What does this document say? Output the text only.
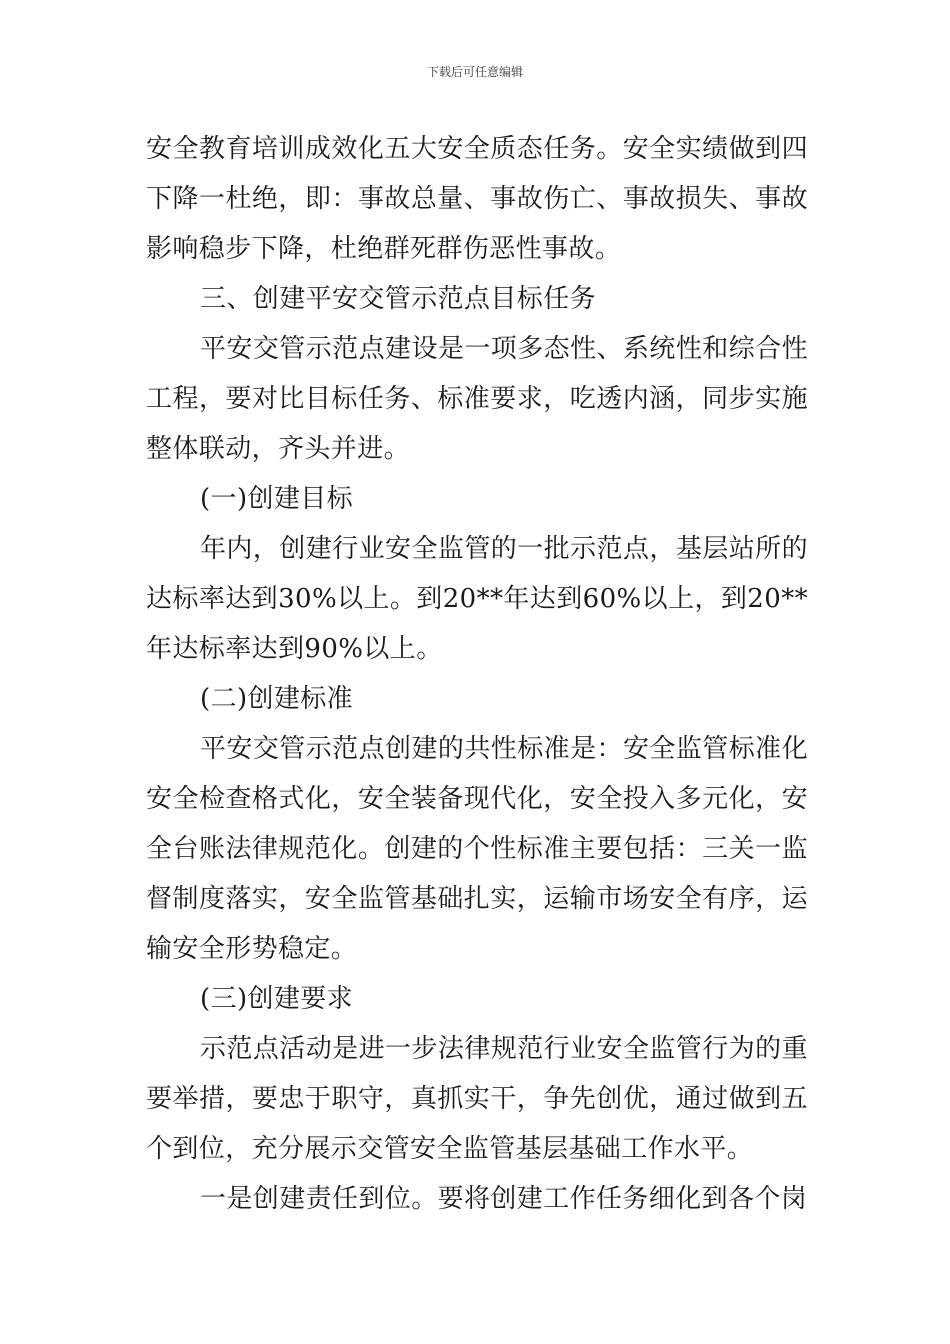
下载后可任意编辑

安全教育培训成效化五大安全质态任务。安全实绩做到四下降一杜绝，即：事故总量、事故伤亡、事故损失、事故影响稳步下降，杜绝群死群伤恶性事故。

三、创建平安交管示范点目标任务

平安交管示范点建设是一项多态性、系统性和综合性工程，要对比目标任务、标准要求，吃透内涵，同步实施整体联动，齐头并进。

(一)创建目标

年内，创建行业安全监管的一批示范点，基层站所的达标率达到30%以上。到20**年达到60%以上，到20**年达标率达到90%以上。

(二)创建标准

平安交管示范点创建的共性标准是：安全监管标准化安全检查格式化，安全装备现代化，安全投入多元化，安全台账法律规范化。创建的个性标准主要包括：三关一监督制度落实，安全监管基础扎实，运输市场安全有序，运输安全形势稳定。

(三)创建要求

示范点活动是进一步法律规范行业安全监管行为的重要举措，要忠于职守，真抓实干，争先创优，通过做到五个到位，充分展示交管安全监管基层基础工作水平。

一是创建责任到位。要将创建工作任务细化到各个岗
